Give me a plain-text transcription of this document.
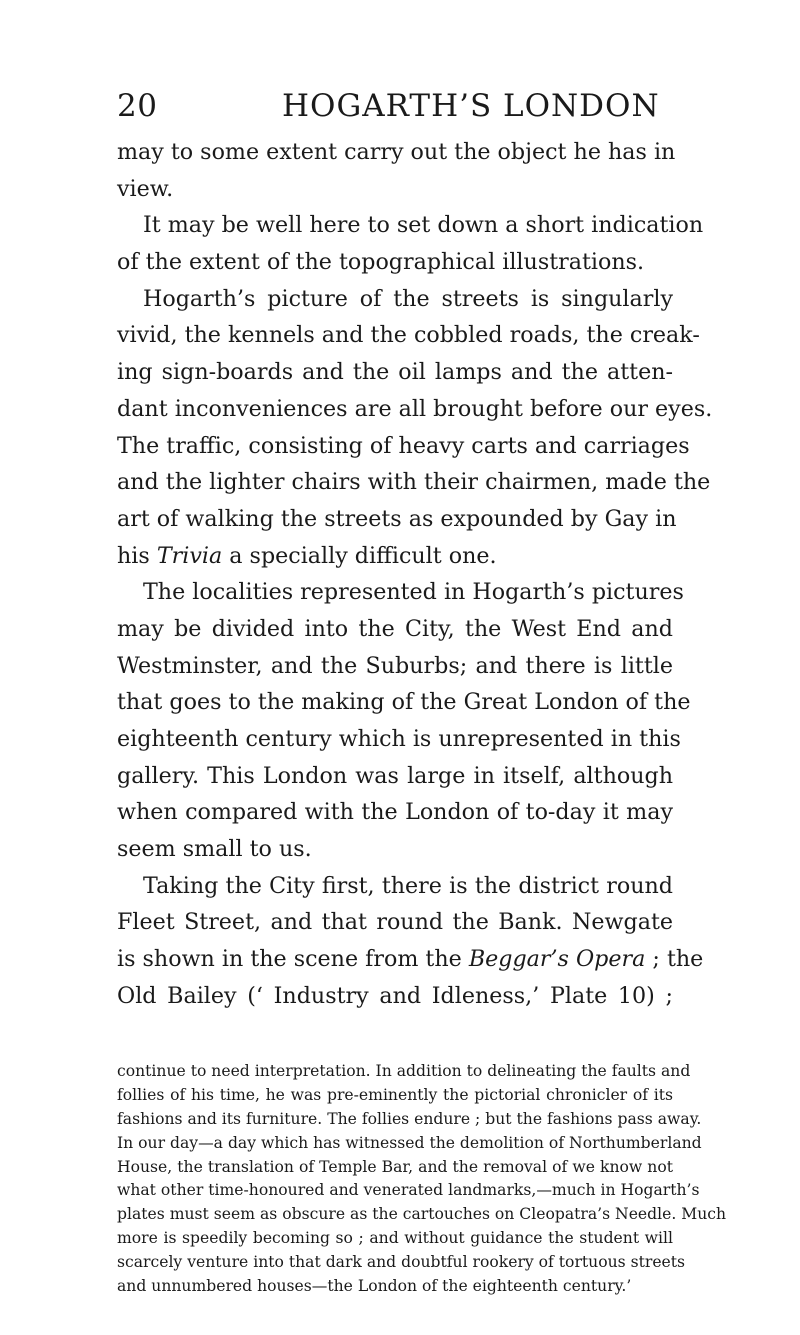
20	HOGARTH’S LONDON
may to some extent carry out the object he has in
view.
It may be well here to set down a short indication
of the extent of the topographical illustrations.
Hogarth’s picture of the streets is singularly
vivid, the kennels and the cobbled roads, the creak-
ing sign-boards and the oil lamps and the atten-
dant inconveniences are all brought before our eyes.
The traffic, consisting of heavy carts and carriages
and the lighter chairs with their chairmen, made the
art of walking the streets as expounded by Gay in
his Trivia a specially difficult one.
The localities represented in Hogarth’s pictures
may be divided into the City, the West End and
Westminster, and the Suburbs; and there is little
that goes to the making of the Great London of the
eighteenth century which is unrepresented in this
gallery. This London was large in itself, although
when compared with the London of to-day it may
seem small to us.
Taking the City first, there is the district round
Fleet Street, and that round the Bank. Newgate
is shown in the scene from the Beggar’s Opera ; the
Old Bailey (‘ Industry and Idleness,’ Plate 10) ;
continue to need interpretation. In addition to delineating the faults and
follies of his time, he was pre-eminently the pictorial chronicler of its
fashions and its furniture. The follies endure ; but the fashions pass away.
In our day—a day which has witnessed the demolition of Northumberland
House, the translation of Temple Bar, and the removal of we know not
what other time-honoured and venerated landmarks,—much in Hogarth’s
plates must seem as obscure as the cartouches on Cleopatra’s Needle. Much
more is speedily becoming so ; and without guidance the student will
scarcely venture into that dark and doubtful rookery of tortuous streets
and unnumbered houses—the London of the eighteenth century.’
